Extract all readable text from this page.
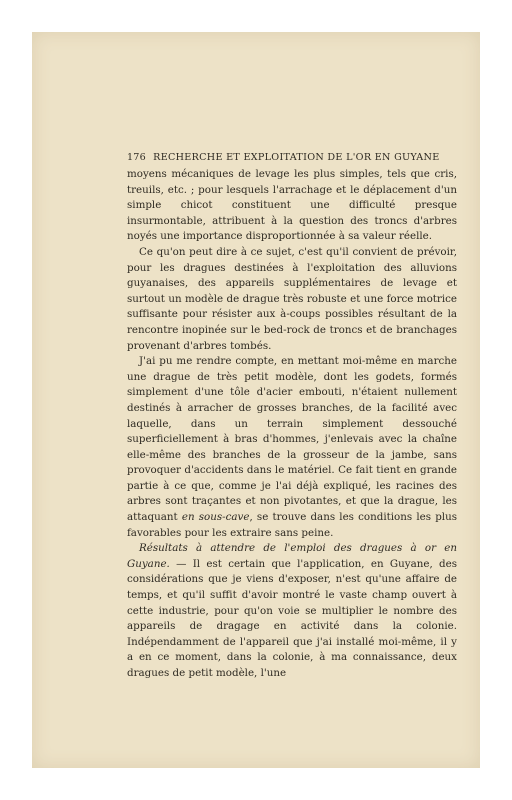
176 RECHERCHE ET EXPLOITATION DE L'OR EN GUYANE

moyens mécaniques de levage les plus simples, tels que cris, treuils, etc. ; pour lesquels l'arrachage et le déplacement d'un simple chicot constituent une difficulté presque insurmontable, attribuent à la question des troncs d'arbres noyés une importance disproportionnée à sa valeur réelle.

Ce qu'on peut dire à ce sujet, c'est qu'il convient de prévoir, pour les dragues destinées à l'exploitation des alluvions guyanaises, des appareils supplémentaires de levage et surtout un modèle de drague très robuste et une force motrice suffisante pour résister aux à-coups possibles résultant de la rencontre inopinée sur le bed-rock de troncs et de branchages provenant d'arbres tombés.

J'ai pu me rendre compte, en mettant moi-même en marche une drague de très petit modèle, dont les godets, formés simplement d'une tôle d'acier embouti, n'étaient nullement destinés à arracher de grosses branches, de la facilité avec laquelle, dans un terrain simplement dessouché superficiellement à bras d'hommes, j'enlevais avec la chaîne elle-même des branches de la grosseur de la jambe, sans provoquer d'accidents dans le matériel. Ce fait tient en grande partie à ce que, comme je l'ai déjà expliqué, les racines des arbres sont traçantes et non pivotantes, et que la drague, les attaquant en sous-cave, se trouve dans les conditions les plus favorables pour les extraire sans peine.

Résultats à attendre de l'emploi des dragues à or en Guyane. — Il est certain que l'application, en Guyane, des considérations que je viens d'exposer, n'est qu'une affaire de temps, et qu'il suffit d'avoir montré le vaste champ ouvert à cette industrie, pour qu'on voie se multiplier le nombre des appareils de dragage en activité dans la colonie. Indépendamment de l'appareil que j'ai installé moi-même, il y a en ce moment, dans la colonie, à ma connaissance, deux dragues de petit modèle, l'une
